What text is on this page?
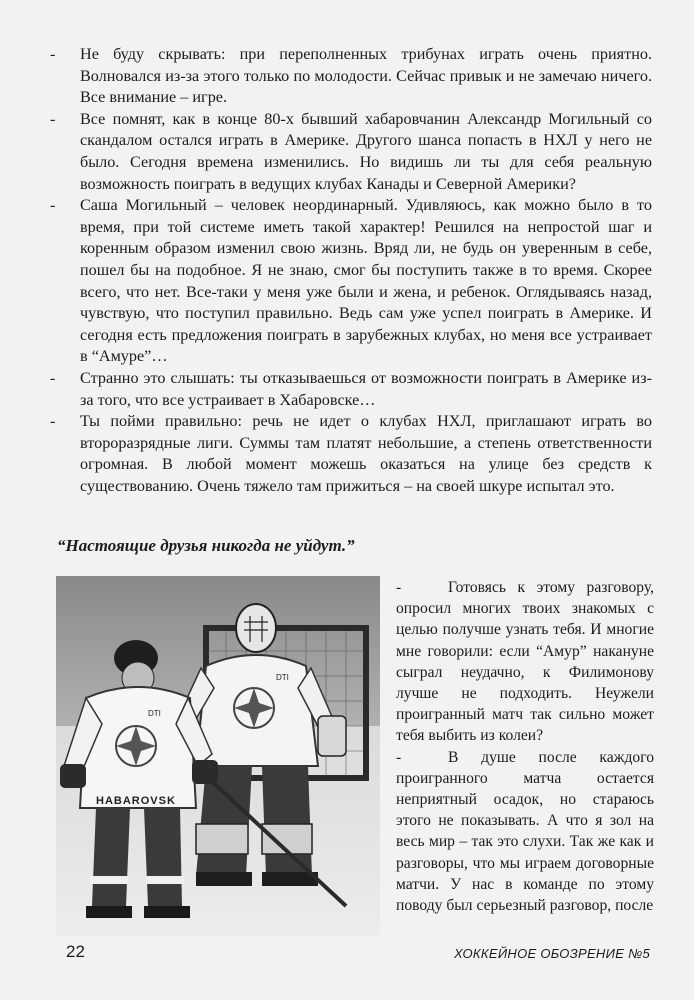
- Не буду скрывать: при переполненных трибунах играть очень приятно. Волновался из-за этого только по молодости. Сейчас привык и не замечаю ничего. Все внимание – игре.

- Все помнят, как в конце 80-х бывший хабаровчанин Александр Могильный со скандалом остался играть в Америке. Другого шанса попасть в НХЛ у него не было. Сегодня времена изменились. Но видишь ли ты для себя реальную возможность поиграть в ведущих клубах Канады и Северной Америки?

- Саша Могильный – человек неординарный. Удивляюсь, как можно было в то время, при той системе иметь такой характер! Решился на непростой шаг и коренным образом изменил свою жизнь. Вряд ли, не будь он уверенным в себе, пошел бы на подобное. Я не знаю, смог бы поступить также в то время. Скорее всего, что нет. Все-таки у меня уже были и жена, и ребенок. Оглядываясь назад, чувствую, что поступил правильно. Ведь сам уже успел поиграть в Америке. И сегодня есть предложения поиграть в зарубежных клубах, но меня все устраивает в “Амуре”…

- Странно это слышать: ты отказываешься от возможности поиграть в Америке из-за того, что все устраивает в Хабаровске…

- Ты пойми правильно: речь не идет о клубах НХЛ, приглашают играть во второразрядные лиги. Суммы там платят небольшие, а степень ответственности огромная. В любой момент можешь оказаться на улице без средств к существованию. Очень тяжело там прижиться – на своей шкуре испытал это.

“Настоящие друзья никогда не уйдут.”
DTI
DTI
HABAROVSK

-	Готовясь к этому разговору, опросил многих твоих знакомых с целью получше узнать тебя. И многие мне говорили: если “Амур” накануне сыграл неудачно, к Филимонову лучше не подходить. Неужели проигранный матч так сильно может тебя выбить из колеи?

-	В душе после каждого проигранного матча остается неприятный осадок, но стараюсь этого не показывать. А что я зол на весь мир – так это слухи. Так же как и разговоры, что мы играем договорные матчи. У нас в команде по этому поводу был серьезный разговор, после

22	ХОККЕЙНОЕ ОБОЗРЕНИЕ №5
